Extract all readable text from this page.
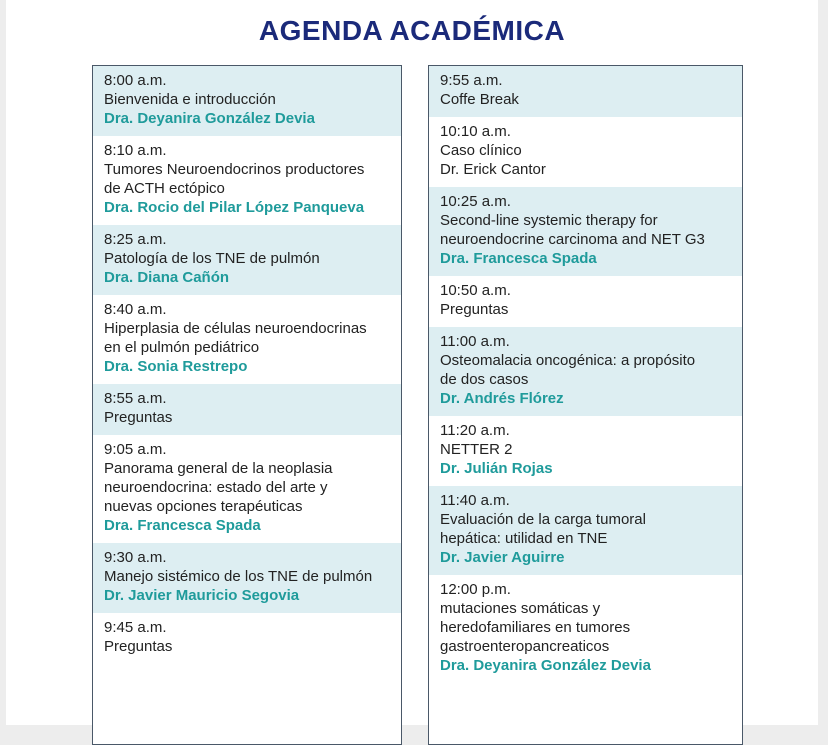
AGENDA ACADÉMICA
8:00 a.m.
Bienvenida e introducción
Dra. Deyanira González Devia
8:10 a.m.
Tumores Neuroendocrinos productores
de ACTH ectópico
Dra. Rocio del Pilar López Panqueva
8:25 a.m.
Patología de los TNE de pulmón
Dra. Diana Cañón
8:40 a.m.
Hiperplasia de células neuroendocrinas
en el pulmón pediátrico
Dra. Sonia Restrepo
8:55 a.m.
Preguntas
9:05 a.m.
Panorama general de la neoplasia
neuroendocrina: estado del arte y
nuevas opciones terapéuticas
Dra. Francesca Spada
9:30 a.m.
Manejo sistémico de los TNE de pulmón
Dr. Javier Mauricio Segovia
9:45 a.m.
Preguntas
9:55 a.m.
Coffe Break
10:10 a.m.
Caso clínico
Dr. Erick Cantor
10:25 a.m.
Second-line systemic therapy for
neuroendocrine carcinoma and NET G3
Dra. Francesca Spada
10:50 a.m.
Preguntas
11:00 a.m.
Osteomalacia oncogénica: a propósito
de dos casos
Dr. Andrés Flórez
11:20 a.m.
NETTER 2
Dr. Julián Rojas
11:40 a.m.
Evaluación de la carga tumoral
hepática: utilidad en TNE
Dr. Javier Aguirre
12:00 p.m.
mutaciones somáticas y
heredofamiliares en tumores
gastroenteropancreaticos
Dra. Deyanira González Devia
